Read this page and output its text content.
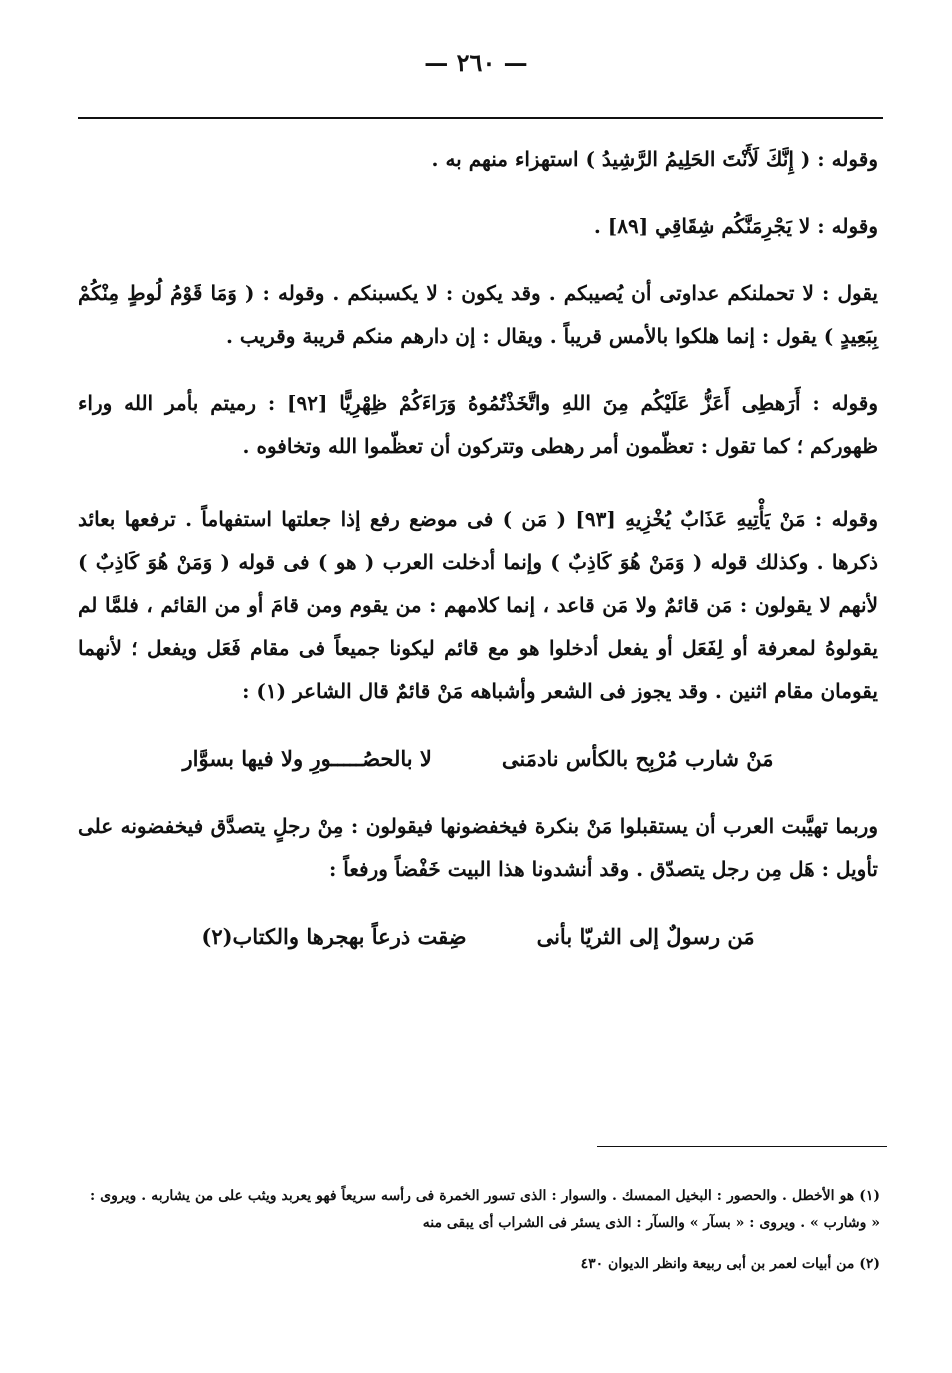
— ٢٦٠ —

وقوله : ( إِنَّكَ لَأَنْتَ الحَلِيمُ الرَّشِيدُ ) استهزاء منهم به .

وقوله : لا يَجْرِمَنَّكُم شِقَاقِي [٨٩] .

يقول : لا تحملنكم عداوتى أن يُصيبكم . وقد يكون : لا يكسبنكم . وقوله : ( وَمَا قَوْمُ لُوطٍ مِنْكُمْ بِبَعِيدٍ ) يقول : إنما هلكوا بالأمس قريباً . ويقال : إن دارهم منكم قريبة وقريب .

وقوله : أَرَهطِى أَعَزُّ عَلَيْكُم مِنَ اللهِ واتَّخَذْتُمُوهُ وَرَاءَكُمْ ظِهْرِيًّا [٩٢] : رميتم بأمر الله وراء ظهوركم ؛ كما تقول : تعظّمون أمر رهطى وتتركون أن تعظّموا الله وتخافوه .

وقوله : مَنْ يَأْتِيهِ عَذَابٌ يُخْزِيهِ [٩٣] ( مَن ) فى موضع رفع إذا جعلتها استفهاماً . ترفعها بعائد ذكرها . وكذلك قوله ( وَمَنْ هُوَ كَاذِبٌ ) وإنما أدخلت العرب ( هو ) فى قوله ( وَمَنْ هُوَ كَاذِبٌ ) لأنهم لا يقولون : مَن قائمٌ ولا مَن قاعد ، إنما كلامهم : من يقوم ومن قامَ أو من القائم ، فلمَّا لم يقولوهُ لمعرفة أو لِفَعَل أو يفعل أدخلوا هو مع قائم ليكونا جميعاً فى مقام فَعَل ويفعل ؛ لأنهما يقومان مقام اثنين . وقد يجوز فى الشعر وأشباهه مَنْ قائمٌ قال الشاعر (١) :

مَنْ شارب مُرْبِح بالكأس نادمَنى
لا بالحصُـــــورِ ولا فيها بسوَّار

وربما تهيَّبت العرب أن يستقبلوا مَنْ بنكرة فيخفضونها فيقولون : مِنْ رجلٍ يتصدَّق فيخفضونه على تأويل : هَل مِن رجل يتصدّق . وقد أنشدونا هذا البيت خَفْضاً ورفعاً :

مَن رسولٌ إلى الثريّا بأنى
ضِقت ذرعاً بهجرها والكتاب(٢)

(١) هو الأخطل . والحصور : البخيل الممسك . والسوار : الذى تسور الخمرة فى رأسه سريعاً فهو يعربد ويثب على من يشاربه . ويروى : « وشارب » . ويروى : « بسآر » والسآر : الذى يسئر فى الشراب أى يبقى منه

(٢) من أبيات لعمر بن أبى ربيعة وانظر الديوان ٤٣٠
